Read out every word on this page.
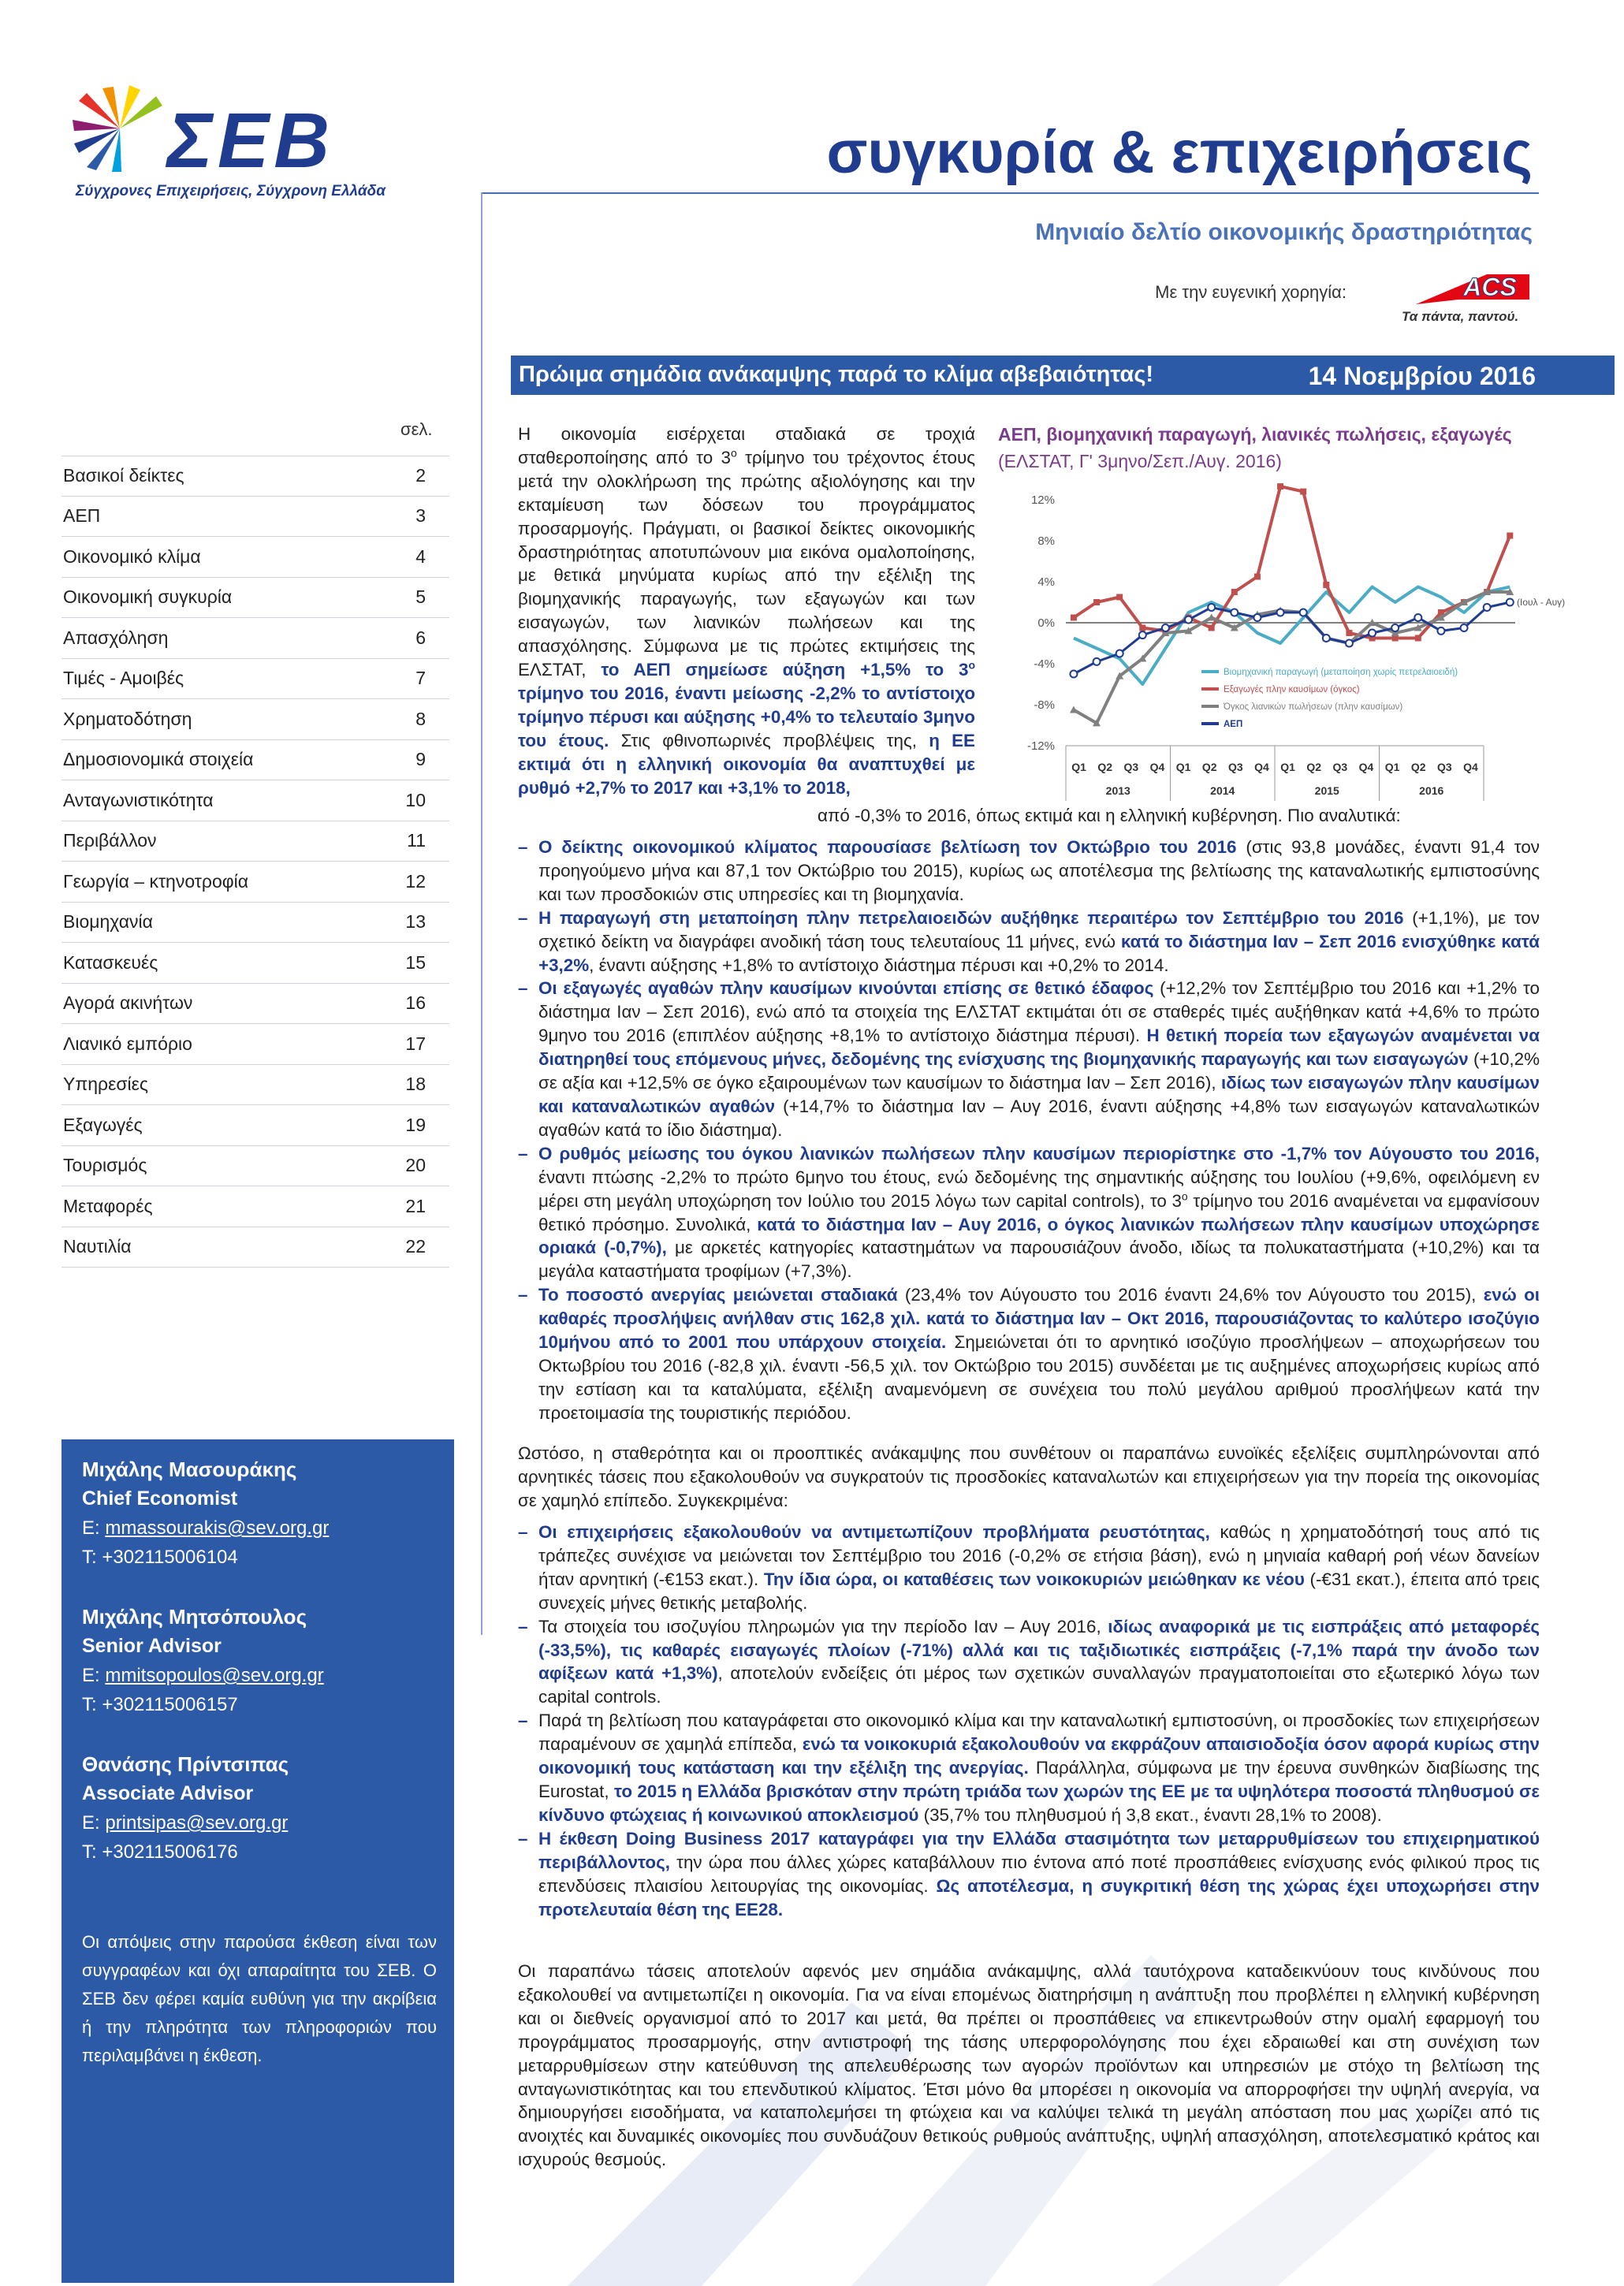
ΣΕΒ
Σύγχρονες Επιχειρήσεις, Σύγχρονη Ελλάδα
συγκυρία & επιχειρήσεις
Μηνιαίο δελτίο οικονομικής δραστηριότητας
Με την ευγενική χορηγία:	ACS
Τα πάντα, παντού.
Πρώιμα σημάδια ανάκαμψης παρά το κλίμα αβεβαιότητας!	14 Νοεμβρίου 2016
σελ.
Βασικοί δείκτες	2
ΑΕΠ	3
Οικονομικό κλίμα	4
Οικονομική συγκυρία	5
Απασχόληση	6
Τιμές - Αμοιβές	7
Χρηματοδότηση	8
Δημοσιονομικά στοιχεία	9
Ανταγωνιστικότητα	10
Περιβάλλον	11
Γεωργία – κτηνοτροφία	12
Βιομηχανία	13
Κατασκευές	15
Αγορά ακινήτων	16
Λιανικό εμπόριο	17
Υπηρεσίες	18
Εξαγωγές	19
Τουρισμός	20
Μεταφορές	21
Ναυτιλία	22
Μιχάλης Μασουράκης
Chief Economist
E: mmassourakis@sev.org.gr
T: +302115006104
Μιχάλης Μητσόπουλος
Senior Advisor
E: mmitsopoulos@sev.org.gr
T: +302115006157
Θανάσης Πρίντσιπας
Associate Advisor
E: printsipas@sev.org.gr
T: +302115006176
Οι απόψεις στην παρούσα έκθεση είναι των συγγραφέων και όχι απαραίτητα του ΣΕΒ. Ο ΣΕΒ δεν φέρει καμία ευθύνη για την ακρίβεια ή την πληρότητα των πληροφοριών που περιλαμβάνει η έκθεση.
Η οικονομία εισέρχεται σταδιακά σε τροχιά σταθεροποίησης από το $3^o$ τρίμηνο του τρέχοντος έτους μετά την ολοκλήρωση της πρώτης αξιολόγησης και την εκταμίευση των δόσεων του προγράμματος προσαρμογής. Πράγματι, οι βασικοί δείκτες οικονομικής δραστηριότητας αποτυπώνουν μια εικόνα ομαλοποίησης, με θετικά μηνύματα κυρίως από την εξέλιξη της βιομηχανικής παραγωγής, των εξαγωγών και των εισαγωγών, των λιανικών πωλήσεων και της απασχόλησης. Σύμφωνα με τις πρώτες εκτιμήσεις της ΕΛΣΤΑΤ, το ΑΕΠ σημείωσε αύξηση +1,5% το $3^o$ τρίμηνο του 2016, έναντι μείωσης -2,2% το αντίστοιχο τρίμηνο πέρυσι και αύξησης +0,4% το τελευταίο 3μηνο του έτους. Στις φθινοπωρινές προβλέψεις της, η ΕΕ εκτιμά ότι η ελληνική οικονομία θα αναπτυχθεί με ρυθμό +2,7% το 2017 και +3,1% το 2018,
από -0,3% το 2016, όπως εκτιμά και η ελληνική κυβέρνηση. Πιο αναλυτικά:
ΑΕΠ, βιομηχανική παραγωγή, λιανικές πωλήσεις, εξαγωγές (ΕΛΣΤΑΤ, Γ' 3μηνο/Σεπ./Αυγ. 2016)
12%
8%
4%
0%
-4%
-8%
-12%
Q1 Q2 Q3 Q4 Q1 Q2 Q3 Q4 Q1 Q2 Q3 Q4 Q1 Q2 Q3 Q4
2013	2014	2015	2016
(Ιουλ - Αυγ)
Βιομηχανική παραγωγή (μεταποίηση χωρίς πετρελαιοειδή)
Εξαγωγές πλην καυσίμων (όγκος)
Όγκος λιανικών πωλήσεων (πλην καυσίμων)
ΑΕΠ
– Ο δείκτης οικονομικού κλίματος παρουσίασε βελτίωση τον Οκτώβριο του 2016 (στις 93,8 μονάδες, έναντι 91,4 τον προηγούμενο μήνα και 87,1 τον Οκτώβριο του 2015), κυρίως ως αποτέλεσμα της βελτίωσης της καταναλωτικής εμπιστοσύνης και των προσδοκιών στις υπηρεσίες και τη βιομηχανία.
– Η παραγωγή στη μεταποίηση πλην πετρελαιοειδών αυξήθηκε περαιτέρω τον Σεπτέμβριο του 2016 (+1,1%), με τον σχετικό δείκτη να διαγράφει ανοδική τάση τους τελευταίους 11 μήνες, ενώ κατά το διάστημα Ιαν – Σεπ 2016 ενισχύθηκε κατά +3,2%, έναντι αύξησης +1,8% το αντίστοιχο διάστημα πέρυσι και +0,2% το 2014.
– Οι εξαγωγές αγαθών πλην καυσίμων κινούνται επίσης σε θετικό έδαφος (+12,2% τον Σεπτέμβριο του 2016 και +1,2% το διάστημα Ιαν – Σεπ 2016), ενώ από τα στοιχεία της ΕΛΣΤΑΤ εκτιμάται ότι σε σταθερές τιμές αυξήθηκαν κατά +4,6% το πρώτο 9μηνο του 2016 (επιπλέον αύξησης +8,1% το αντίστοιχο διάστημα πέρυσι). Η θετική πορεία των εξαγωγών αναμένεται να διατηρηθεί τους επόμενους μήνες, δεδομένης της ενίσχυσης της βιομηχανικής παραγωγής και των εισαγωγών (+10,2% σε αξία και +12,5% σε όγκο εξαιρουμένων των καυσίμων το διάστημα Ιαν – Σεπ 2016), ιδίως των εισαγωγών πλην καυσίμων και καταναλωτικών αγαθών (+14,7% το διάστημα Ιαν – Αυγ 2016, έναντι αύξησης +4,8% των εισαγωγών καταναλωτικών αγαθών κατά το ίδιο διάστημα).
– Ο ρυθμός μείωσης του όγκου λιανικών πωλήσεων πλην καυσίμων περιορίστηκε στο -1,7% τον Αύγουστο του 2016, έναντι πτώσης -2,2% το πρώτο 6μηνο του έτους, ενώ δεδομένης της σημαντικής αύξησης του Ιουλίου (+9,6%, οφειλόμενη εν μέρει στη μεγάλη υποχώρηση τον Ιούλιο του 2015 λόγω των capital controls), το $3^o$ τρίμηνο του 2016 αναμένεται να εμφανίσουν θετικό πρόσημο. Συνολικά, κατά το διάστημα Ιαν – Αυγ 2016, ο όγκος λιανικών πωλήσεων πλην καυσίμων υποχώρησε οριακά (-0,7%), με αρκετές κατηγορίες καταστημάτων να παρουσιάζουν άνοδο, ιδίως τα πολυκαταστήματα (+10,2%) και τα μεγάλα καταστήματα τροφίμων (+7,3%).
– Το ποσοστό ανεργίας μειώνεται σταδιακά (23,4% τον Αύγουστο του 2016 έναντι 24,6% τον Αύγουστο του 2015), ενώ οι καθαρές προσλήψεις ανήλθαν στις 162,8 χιλ. κατά το διάστημα Ιαν – Οκτ 2016, παρουσιάζοντας το καλύτερο ισοζύγιο 10μήνου από το 2001 που υπάρχουν στοιχεία. Σημειώνεται ότι το αρνητικό ισοζύγιο προσλήψεων – αποχωρήσεων του Οκτωβρίου του 2016 (-82,8 χιλ. έναντι -56,5 χιλ. τον Οκτώβριο του 2015) συνδέεται με τις αυξημένες αποχωρήσεις κυρίως από την εστίαση και τα καταλύματα, εξέλιξη αναμενόμενη σε συνέχεια του πολύ μεγάλου αριθμού προσλήψεων κατά την προετοιμασία της τουριστικής περιόδου.
Ωστόσο, η σταθερότητα και οι προοπτικές ανάκαμψης που συνθέτουν οι παραπάνω ευνοϊκές εξελίξεις συμπληρώνονται από αρνητικές τάσεις που εξακολουθούν να συγκρατούν τις προσδοκίες καταναλωτών και επιχειρήσεων για την πορεία της οικονομίας σε χαμηλό επίπεδο. Συγκεκριμένα:
– Οι επιχειρήσεις εξακολουθούν να αντιμετωπίζουν προβλήματα ρευστότητας, καθώς η χρηματοδότησή τους από τις τράπεζες συνέχισε να μειώνεται τον Σεπτέμβριο του 2016 (-0,2% σε ετήσια βάση), ενώ η μηνιαία καθαρή ροή νέων δανείων ήταν αρνητική (-€153 εκατ.). Την ίδια ώρα, οι καταθέσεις των νοικοκυριών μειώθηκαν κε νέου (-€31 εκατ.), έπειτα από τρεις συνεχείς μήνες θετικής μεταβολής.
– Τα στοιχεία του ισοζυγίου πληρωμών για την περίοδο Ιαν – Αυγ 2016, ιδίως αναφορικά με τις εισπράξεις από μεταφορές (-33,5%), τις καθαρές εισαγωγές πλοίων (-71%) αλλά και τις ταξιδιωτικές εισπράξεις (-7,1% παρά την άνοδο των αφίξεων κατά +1,3%), αποτελούν ενδείξεις ότι μέρος των σχετικών συναλλαγών πραγματοποιείται στο εξωτερικό λόγω των capital controls.
– Παρά τη βελτίωση που καταγράφεται στο οικονομικό κλίμα και την καταναλωτική εμπιστοσύνη, οι προσδοκίες των επιχειρήσεων παραμένουν σε χαμηλά επίπεδα, ενώ τα νοικοκυριά εξακολουθούν να εκφράζουν απαισιοδοξία όσον αφορά κυρίως στην οικονομική τους κατάσταση και την εξέλιξη της ανεργίας. Παράλληλα, σύμφωνα με την έρευνα συνθηκών διαβίωσης της Eurostat, το 2015 η Ελλάδα βρισκόταν στην πρώτη τριάδα των χωρών της ΕΕ με τα υψηλότερα ποσοστά πληθυσμού σε κίνδυνο φτώχειας ή κοινωνικού αποκλεισμού (35,7% του πληθυσμού ή 3,8 εκατ., έναντι 28,1% το 2008).
– Η έκθεση Doing Business 2017 καταγράφει για την Ελλάδα στασιμότητα των μεταρρυθμίσεων του επιχειρηματικού περιβάλλοντος, την ώρα που άλλες χώρες καταβάλλουν πιο έντονα από ποτέ προσπάθειες ενίσχυσης ενός φιλικού προς τις επενδύσεις πλαισίου λειτουργίας της οικονομίας. Ως αποτέλεσμα, η συγκριτική θέση της χώρας έχει υποχωρήσει στην προτελευταία θέση της ΕΕ28.
Οι παραπάνω τάσεις αποτελούν αφενός μεν σημάδια ανάκαμψης, αλλά ταυτόχρονα καταδεικνύουν τους κινδύνους που εξακολουθεί να αντιμετωπίζει η οικονομία. Για να είναι επομένως διατηρήσιμη η ανάπτυξη που προβλέπει η ελληνική κυβέρνηση και οι διεθνείς οργανισμοί από το 2017 και μετά, θα πρέπει οι προσπάθειες να επικεντρωθούν στην ομαλή εφαρμογή του προγράμματος προσαρμογής, στην αντιστροφή της τάσης υπερφορολόγησης που έχει εδραιωθεί και στη συνέχιση των μεταρρυθμίσεων στην κατεύθυνση της απελευθέρωσης των αγορών προϊόντων και υπηρεσιών με στόχο τη βελτίωση της ανταγωνιστικότητας και του επενδυτικού κλίματος. Έτσι μόνο θα μπορέσει η οικονομία να απορροφήσει την υψηλή ανεργία, να δημιουργήσει εισοδήματα, να καταπολεμήσει τη φτώχεια και να καλύψει τελικά τη μεγάλη απόσταση που μας χωρίζει από τις ανοιχτές και δυναμικές οικονομίες που συνδυάζουν θετικούς ρυθμούς ανάπτυξης, υψηλή απασχόληση, αποτελεσματικό κράτος και ισχυρούς θεσμούς.
